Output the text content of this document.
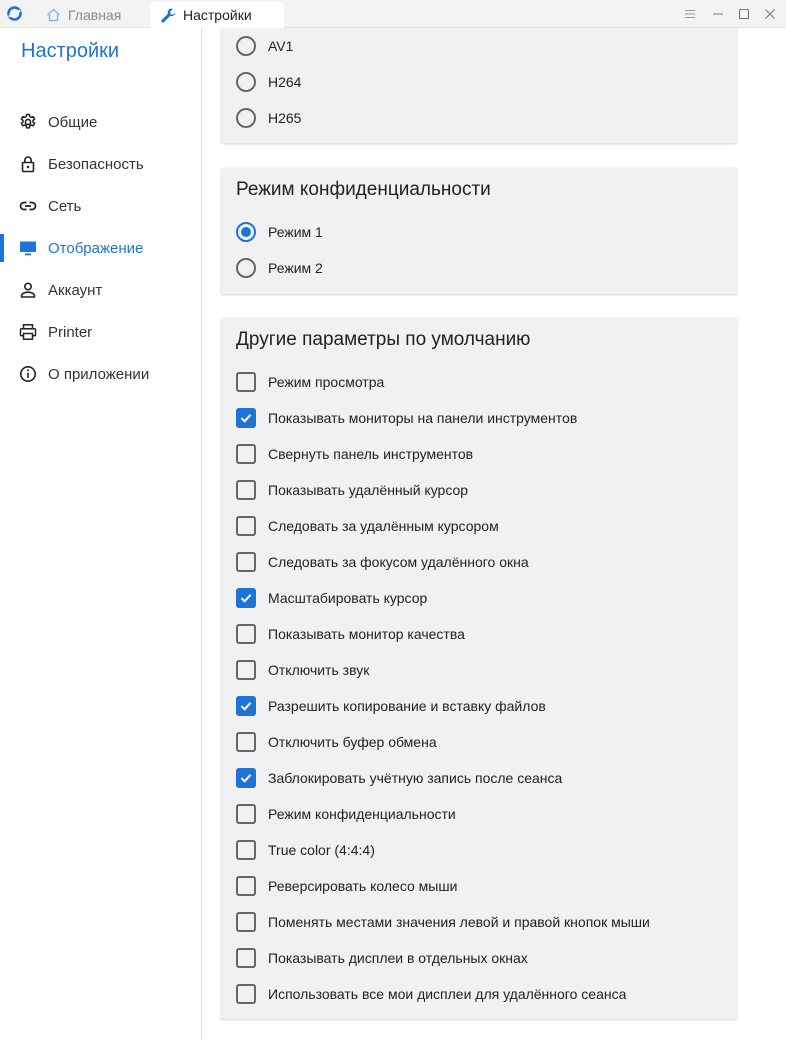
Главная	Настройки
Настройки
Общие
Безопасность
Сеть
Отображение
Аккаунт
Printer
О приложении
AV1
H264
H265
Режим конфиденциальности
Режим 1
Режим 2
Другие параметры по умолчанию
Режим просмотра
Показывать мониторы на панели инструментов
Свернуть панель инструментов
Показывать удалённый курсор
Следовать за удалённым курсором
Следовать за фокусом удалённого окна
Масштабировать курсор
Показывать монитор качества
Отключить звук
Разрешить копирование и вставку файлов
Отключить буфер обмена
Заблокировать учётную запись после сеанса
Режим конфиденциальности
True color (4:4:4)
Реверсировать колесо мыши
Поменять местами значения левой и правой кнопок мыши
Показывать дисплеи в отдельных окнах
Использовать все мои дисплеи для удалённого сеанса
